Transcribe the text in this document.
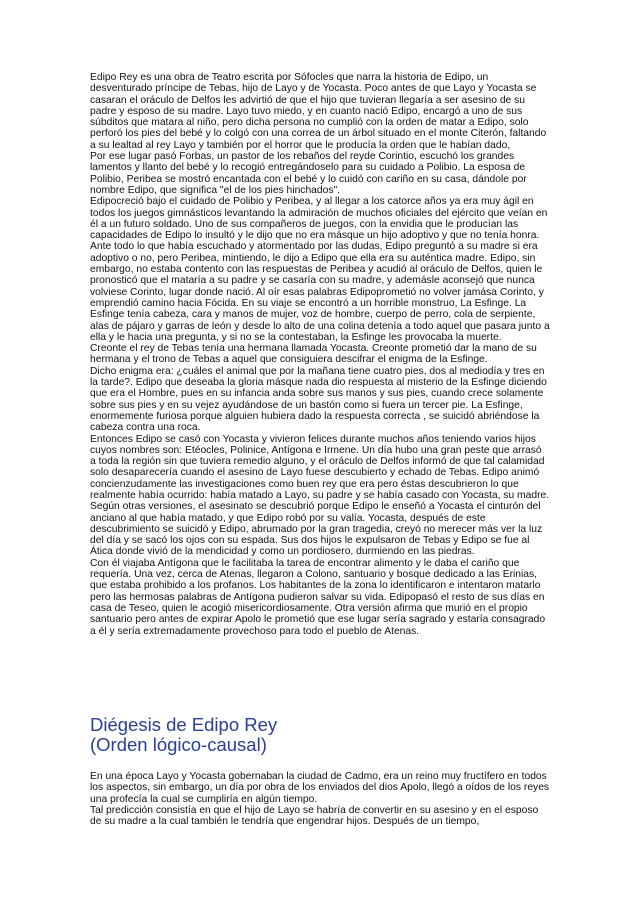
Edipo Rey es una obra de Teatro escrita por Sófocles que narra la historia de Edipo, un desventurado príncipe de Tebas, hijo de Layo y de Yocasta. Poco antes de que Layo y Yocasta se casaran el oráculo de Delfos les advirtió de que el hijo que tuvieran llegaría a ser asesino de su padre y esposo de su madre. Layo tuvo miedo, y en cuanto nació Edipo, encargó a uno de sus súbditos que matara al niño, pero dicha persona no cumplió con la orden de matar a Edipo, solo perforó los pies del bebé y lo colgó con una correa de un árbol situado en el monte Citerón, faltando a su lealtad al rey Layo y también por el horror que le producía la orden que le habían dado,

Por ese lugar pasó Forbas, un pastor de los rebaños del reyde Corintio, escuchó los grandes lamentos y llanto del bebé y lo recogió entregándoselo para su cuidado a Polibio. La esposa de Polibio, Peribea se mostró encantada con el bebé y lo cuidó con cariño en su casa, dándole por nombre Edipo, que significa "el de los pies hinchados".

Edipocreció bajo el cuidado de Polibio y Peribea, y al llegar a los catorce años ya era muy ágil en todos los juegos gimnásticos levantando la admiración de muchos oficiales del ejército que veían en él a un futuro soldado. Uno de sus compañeros de juegos, con la envidia que le producían las capacidades de Edipo lo insultó y le dijo que no era másque un hijo adoptivo y que no tenía honra. Ante todo lo que había escuchado y atormentado por las dudas, Edipo preguntó a su madre si era adoptivo o no, pero Peribea, mintiendo, le dijo a Edipo que ella era su auténtica madre. Edipo, sin embargo, no estaba contento con las respuestas de Peribea y acudió al oráculo de Delfos, quien le pronosticó que el mataría a su padre y se casaría con su madre, y ademásle aconsejó que nunca volviese Corinto, lugar donde nació. Al oír esas palabras Edipoprometió no volver jamása Corinto, y emprendió camino hacia Fócida. En su viaje se encontró a un horrible monstruo, La Esfinge. La Esfinge tenía cabeza, cara y manos de mujer, voz de hombre, cuerpo de perro, cola de serpiente, alas de pájaro y garras de león y desde lo alto de una colina detenía a todo aquel que pasara junto a ella y le hacia una pregunta, y si no se la contestaban, la Esfinge les provocaba la muerte.

Creonte el rey de Tebas tenía una hermana llamada Yocasta. Creonte prometió dar la mano de su hermana y el trono de Tebas a aquel que consiguiera descifrar el enigma de la Esfinge.

Dicho enigma era: ¿cuáles el animal que por la mañana tiene cuatro pies, dos al mediodía y tres en la tarde?. Edipo que deseaba la gloria másque nada dio respuesta al misterio de la Esfinge diciendo que era el Hombre, pues en su infancia anda sobre sus manos y sus pies, cuando crece solamente sobre sus pies y en su vejez ayudándose de un bastón como si fuera un tercer pie. La Esfinge, enormemente furiosa porque alguien hubiera dado la respuesta correcta , se suicidó abriéndose la cabeza contra una roca.

Entonces Edipo se casó con Yocasta y vivieron felices durante muchos años teniendo varios hijos cuyos nombres son: Etéocles, Polinice, Antígona e Irmene. Un día hubo una gran peste que arrasó a toda la región sin que tuviera remedio alguno, y el oráculo de Delfos informó de que tal calamidad solo desaparecería cuando el asesino de Layo fuese descubierto y echado de Tebas. Edipo animó concienzudamente las investigaciones como buen rey que era pero éstas descubrieron lo que realmente había ocurrido: había matado a Layo, su padre y se había casado con Yocasta, su madre.

Según otras versiones, el asesinato se descubrió porque Edipo le enseñó a Yocasta el cinturón del anciano al que había matado, y que Edipo robó por su valía. Yocasta, después de este descubrimiento se suicidó y Edipo, abrumado por la gran tragedia, creyó no merecer más ver la luz del día y se sacó los ojos con su espada. Sus dos hijos le expulsaron de Tebas y Edipo se fue al Ática donde vivió de la mendicidad y como un pordiosero, durmiendo en las piedras.

Con él viajaba Antígona que le facilitaba la tarea de encontrar alimento y le daba el cariño que requería. Una vez, cerca de Atenas, llegaron a Colono, santuario y bosque dedicado a las Erinias, que estaba prohibido a los profanos. Los habitantes de la zona lo identificaron e intentaron matarlo pero las hermosas palabras de Antígona pudieron salvar su vida. Edipopasó el resto de sus días en casa de Teseo, quien le acogió misericordiosamente. Otra versión afirma que murió en el propio santuario pero antes de expirar Apolo le prometió que ese lugar sería sagrado y estaría consagrado a él y sería extremadamente provechoso para todo el pueblo de Atenas.

Diégesis de Edipo Rey
(Orden lógico-causal)

En una época Layo y Yocasta gobernaban la ciudad de Cadmo, era un reino muy fructífero en todos los aspectos, sin embargo, un día por obra de los enviados del dios Apolo, llegó a oídos de los reyes una profecía la cual se cumpliría en algún tiempo.

Tal predicción consistía en que el hijo de Layo se habría de convertir en su asesino y en el esposo de su madre a la cual también le tendría que engendrar hijos. Después de un tiempo,
